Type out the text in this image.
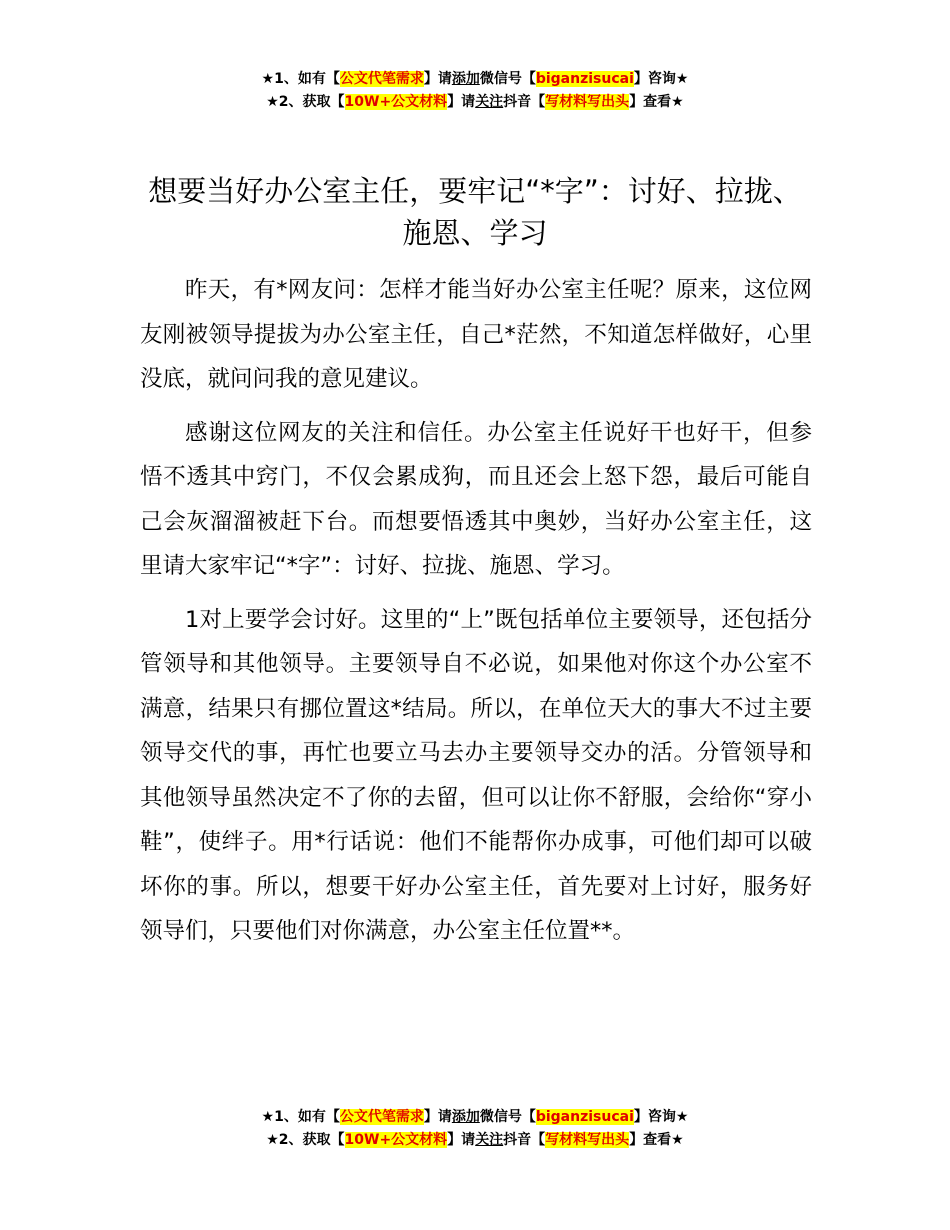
★1、如有【公文代笔需求】请添加微信号【biganzisucai】咨询★
★2、获取【10W+公文材料】请关注抖音【写材料写出头】查看★
想要当好办公室主任，要牢记“*字”：讨好、拉拢、施恩、学习

昨天，有*网友问：怎样才能当好办公室主任呢？原来，这位网友刚被领导提拔为办公室主任，自己*茫然，不知道怎样做好，心里没底，就问问我的意见建议。

感谢这位网友的关注和信任。办公室主任说好干也好干，但参悟不透其中窍门，不仅会累成狗，而且还会上怒下怨，最后可能自己会灰溜溜被赶下台。而想要悟透其中奥妙，当好办公室主任，这里请大家牢记“*字”：讨好、拉拢、施恩、学习。

1对上要学会讨好。这里的“上”既包括单位主要领导，还包括分管领导和其他领导。主要领导自不必说，如果他对你这个办公室不满意，结果只有挪位置这*结局。所以，在单位天大的事大不过主要领导交代的事，再忙也要立马去办主要领导交办的活。分管领导和其他领导虽然决定不了你的去留，但可以让你不舒服，会给你“穿小鞋”，使绊子。用*行话说：他们不能帮你办成事，可他们却可以破坏你的事。所以，想要干好办公室主任，首先要对上讨好，服务好领导们，只要他们对你满意，办公室主任位置**。

★1、如有【公文代笔需求】请添加微信号【biganzisucai】咨询★
★2、获取【10W+公文材料】请关注抖音【写材料写出头】查看★
